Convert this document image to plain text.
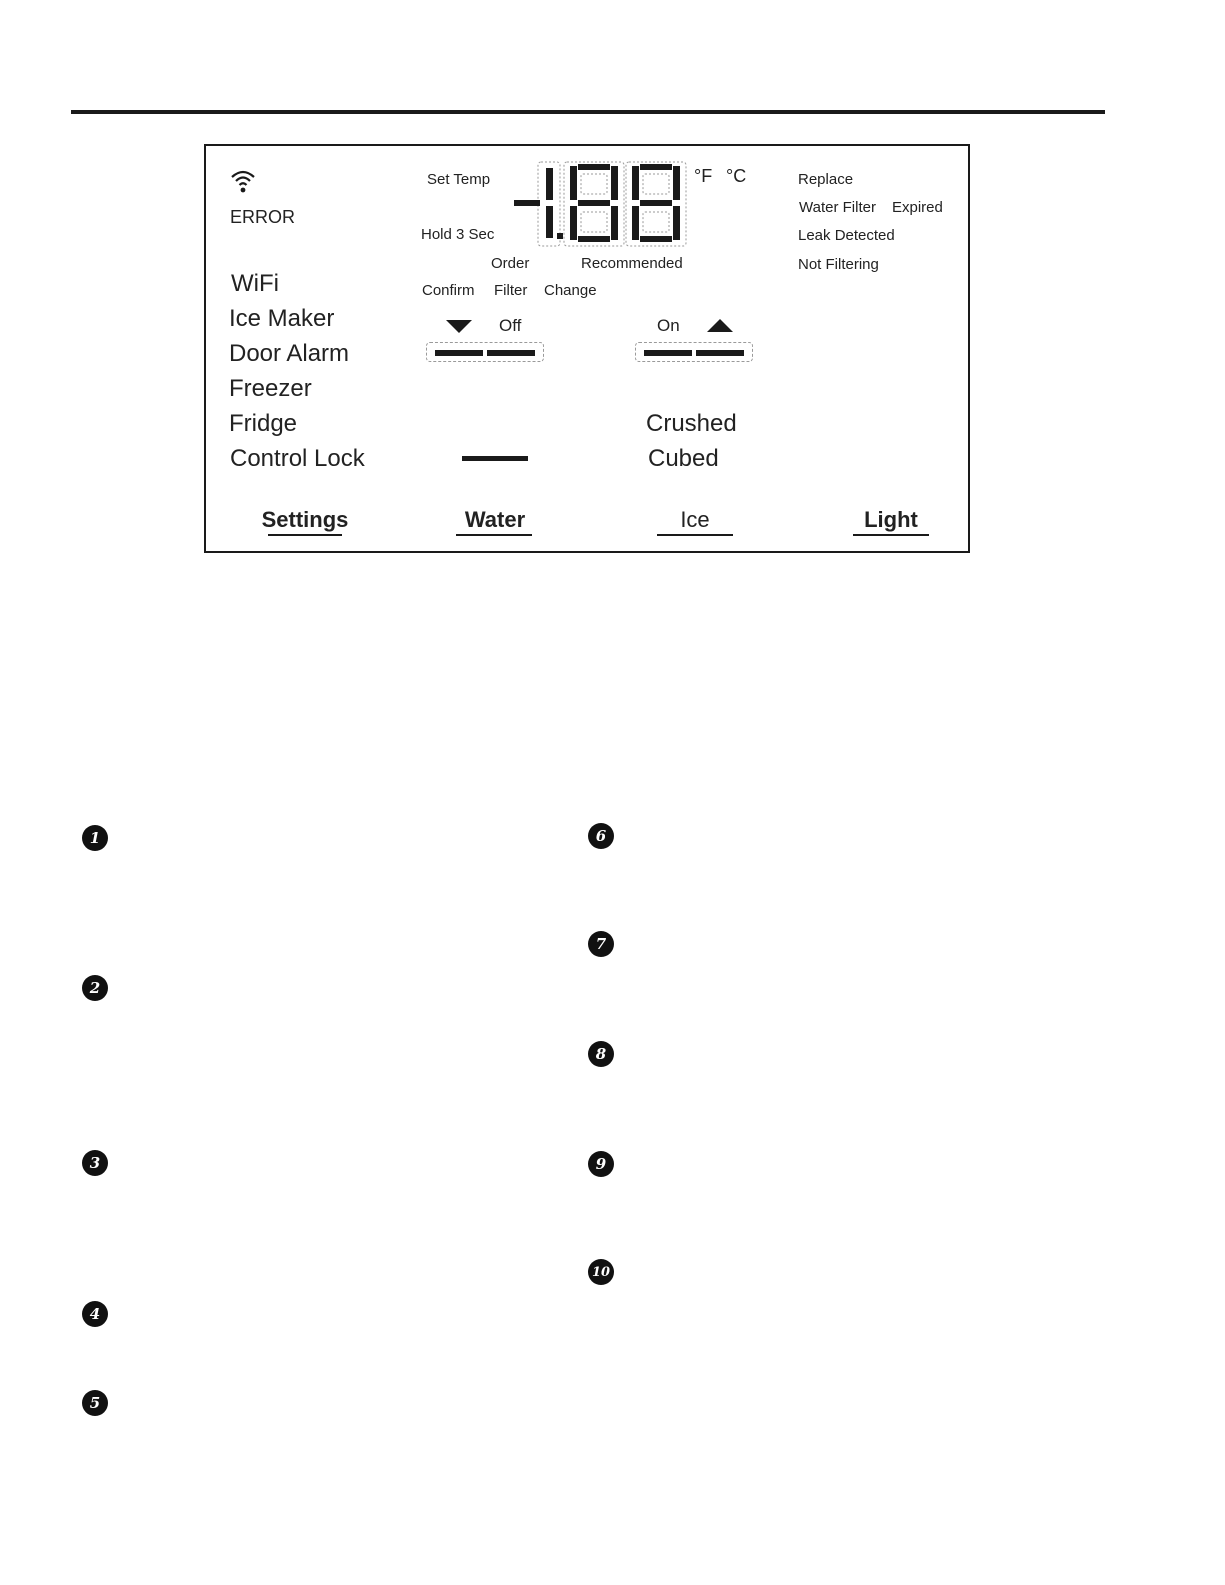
ERROR
WiFi
Ice Maker
Door Alarm
Freezer
Fridge
Control Lock
Set Temp
Hold 3 Sec
°F °C
Order	Recommended
Confirm Filter Change
Off	On
Crushed
Cubed
Replace
Water Filter Expired
Leak Detected
Not Filtering
Settings	Water	Ice	Light
1
2
3
4
5
6
7
8
9
10
